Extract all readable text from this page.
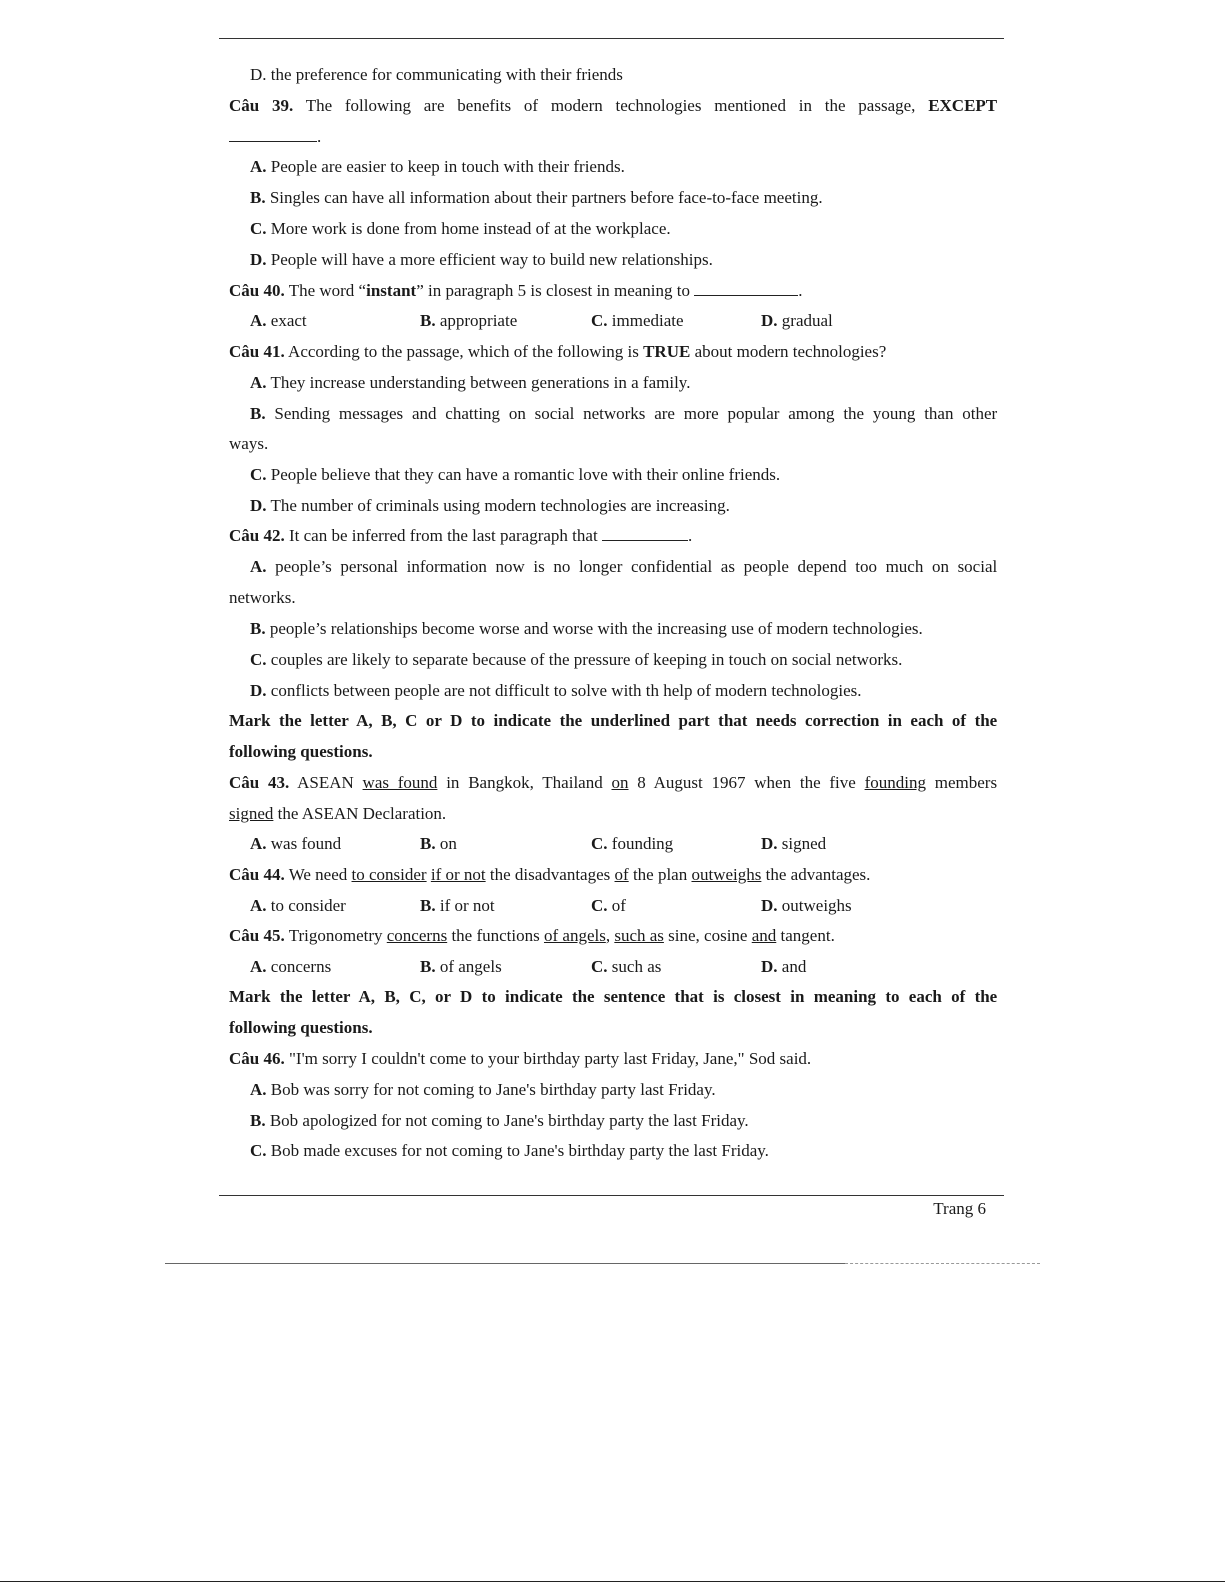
D. the preference for communicating with their friends
Câu 39. The following are benefits of modern technologies mentioned in the passage, EXCEPT
.
A. People are easier to keep in touch with their friends.
B. Singles can have all information about their partners before face-to-face meeting.
C. More work is done from home instead of at the workplace.
D. People will have a more efficient way to build new relationships.
Câu 40. The word “instant” in paragraph 5 is closest in meaning to	.
A. exact	B. appropriate	C. immediate	D. gradual
Câu 41. According to the passage, which of the following is TRUE about modern technologies?
A. They increase understanding between generations in a family.
B. Sending messages and chatting on social networks are more popular among the young than other
ways.
C. People believe that they can have a romantic love with their online friends.
D. The number of criminals using modern technologies are increasing.
Câu 42. It can be inferred from the last paragraph that	.
A. people’s personal information now is no longer confidential as people depend too much on social
networks.
B. people’s relationships become worse and worse with the increasing use of modern technologies.
C. couples are likely to separate because of the pressure of keeping in touch on social networks.
D. conflicts between people are not difficult to solve with th help of modern technologies.
Mark the letter A, B, C or D to indicate the underlined part that needs correction in each of the
following questions.
Câu 43. ASEAN was found in Bangkok, Thailand on 8 August 1967 when the five founding members
signed the ASEAN Declaration.
A. was found	B. on	C. founding	D. signed
Câu 44. We need to consider if or not the disadvantages of the plan outweighs the advantages.
A. to consider	B. if or not	C. of	D. outweighs
Câu 45. Trigonometry concerns the functions of angels, such as sine, cosine and tangent.
A. concerns	B. of angels	C. such as	D. and
Mark the letter A, B, C, or D to indicate the sentence that is closest in meaning to each of the
following questions.
Câu 46. "I'm sorry I couldn't come to your birthday party last Friday, Jane," Sod said.
A. Bob was sorry for not coming to Jane's birthday party last Friday.
B. Bob apologized for not coming to Jane's birthday party the last Friday.
C. Bob made excuses for not coming to Jane's birthday party the last Friday.
Trang 6
